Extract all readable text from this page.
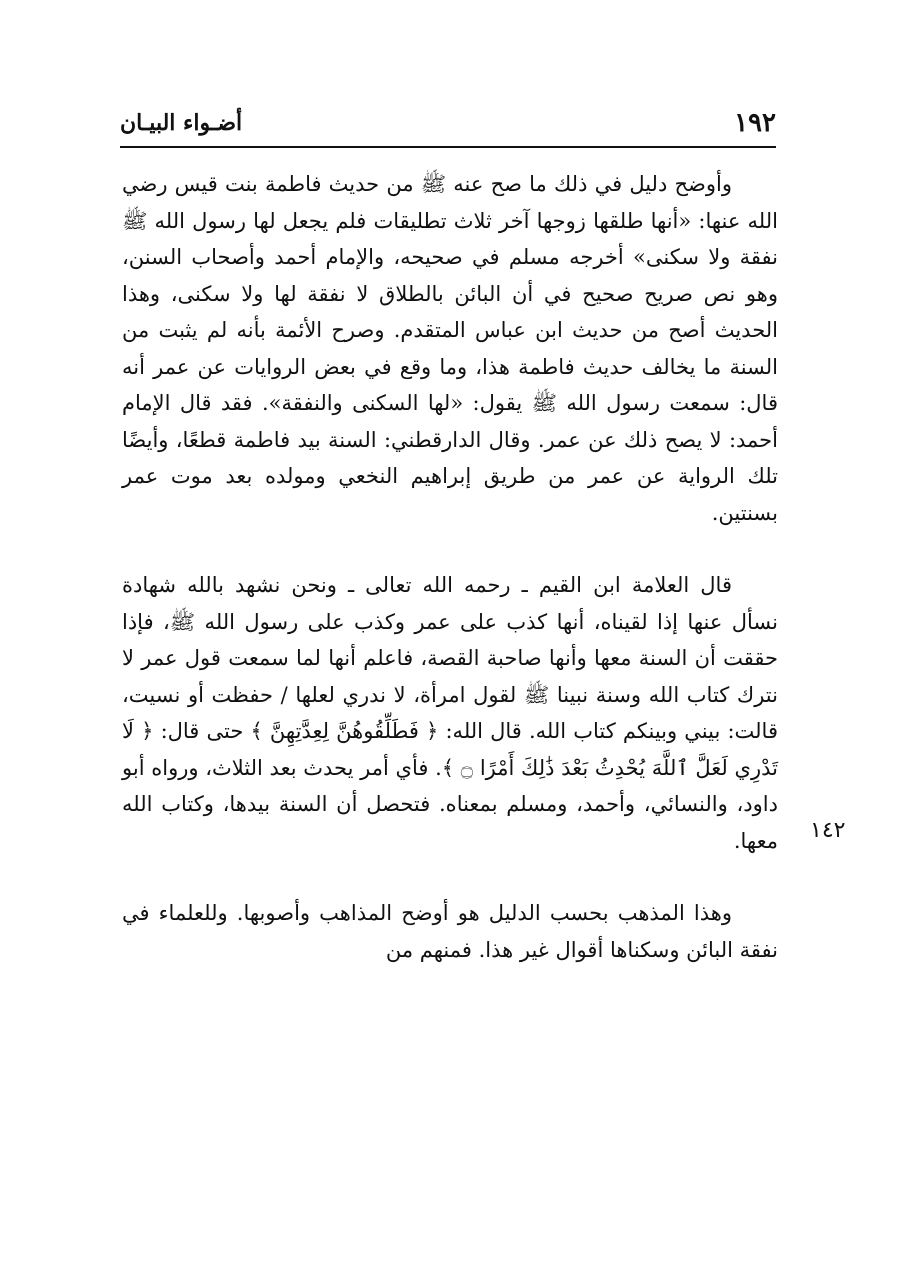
١٩٢
أضـواء البيـان
١٤٢

وأوضح دليل في ذلك ما صح عنه ﷺ من حديث فاطمة بنت قيس رضي الله عنها: «أنها طلقها زوجها آخر ثلاث تطليقات فلم يجعل لها رسول الله ﷺ نفقة ولا سكنى» أخرجه مسلم في صحيحه، والإمام أحمد وأصحاب السنن، وهو نص صريح صحيح في أن البائن بالطلاق لا نفقة لها ولا سكنى، وهذا الحديث أصح من حديث ابن عباس المتقدم. وصرح الأئمة بأنه لم يثبت من السنة ما يخالف حديث فاطمة هذا، وما وقع في بعض الروايات عن عمر أنه قال: سمعت رسول الله ﷺ يقول: «لها السكنى والنفقة». فقد قال الإمام أحمد: لا يصح ذلك عن عمر. وقال الدارقطني: السنة بيد فاطمة قطعًا، وأيضًا تلك الرواية عن عمر من طريق إبراهيم النخعي ومولده بعد موت عمر بسنتين.

قال العلامة ابن القيم ـ رحمه الله تعالى ـ ونحن نشهد بالله شهادة نسأل عنها إذا لقيناه، أنها كذب على عمر وكذب على رسول الله ﷺ، فإذا حققت أن السنة معها وأنها صاحبة القصة، فاعلم أنها لما سمعت قول عمر لا نترك كتاب الله وسنة نبينا ﷺ لقول امرأة، لا ندري لعلها / حفظت أو نسيت، قالت: بيني وبينكم كتاب الله. قال الله: ﴿ فَطَلِّقُوهُنَّ لِعِدَّتِهِنَّ ﴾ حتى قال: ﴿ لَا تَدْرِي لَعَلَّ ٱللَّهَ يُحْدِثُ بَعْدَ ذَٰلِكَ أَمْرًا ۝ ﴾. فأي أمر يحدث بعد الثلاث، ورواه أبو داود، والنسائي، وأحمد، ومسلم بمعناه. فتحصل أن السنة بيدها، وكتاب الله معها.

وهذا المذهب بحسب الدليل هو أوضح المذاهب وأصوبها. وللعلماء في نفقة البائن وسكناها أقوال غير هذا. فمنهم من
